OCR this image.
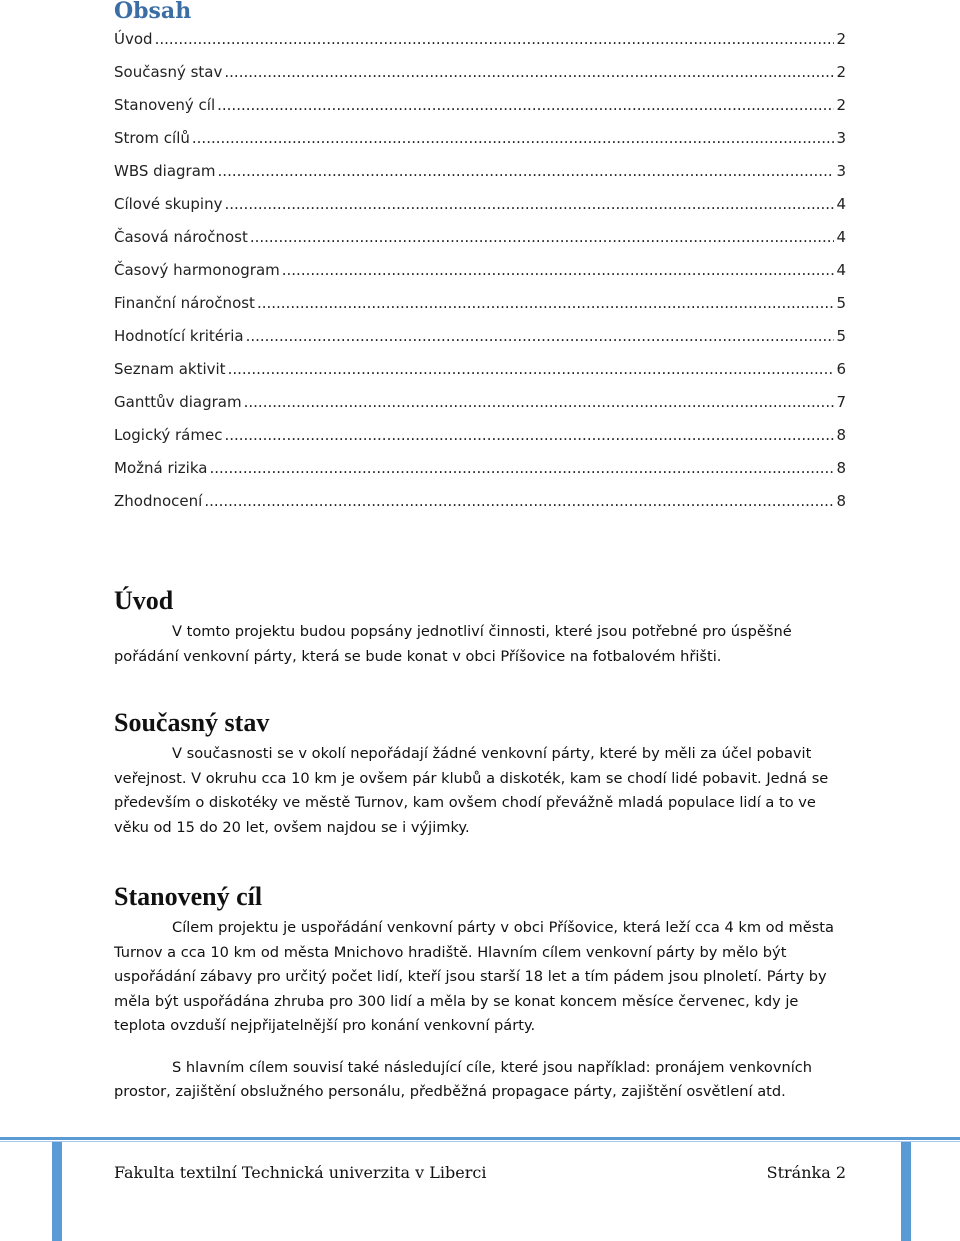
Obsah
Úvod .....	2
Současný stav .....	2
Stanovený cíl .....	2
Strom cílů .....	3
WBS diagram .....	3
Cílové skupiny .....	4
Časová náročnost .....	4
Časový harmonogram .....	4
Finanční náročnost .....	5
Hodnotící kritéria .....	5
Seznam aktivit .....	6
Ganttův diagram .....	7
Logický rámec .....	8
Možná rizika .....	8
Zhodnocení .....	8
Úvod

V tomto projektu budou popsány jednotliví činnosti, které jsou potřebné pro úspěšné pořádání venkovní párty, která se bude konat v obci Příšovice na fotbalovém hřišti.

Současný stav

V současnosti se v okolí nepořádají žádné venkovní párty, které by měli za účel pobavit veřejnost. V okruhu cca 10 km je ovšem pár klubů a diskoték, kam se chodí lidé pobavit. Jedná se především o diskotéky ve městě Turnov, kam ovšem chodí převážně mladá populace lidí a to ve věku od 15 do 20 let, ovšem najdou se i výjimky.

Stanovený cíl

Cílem projektu je uspořádání venkovní párty v obci Příšovice, která leží cca 4 km od města Turnov a cca 10 km od města Mnichovo hradiště. Hlavním cílem venkovní párty by mělo být uspořádání zábavy pro určitý počet lidí, kteří jsou starší 18 let a tím pádem jsou plnoletí. Párty by měla být uspořádána zhruba pro 300 lidí a měla by se konat koncem měsíce červenec, kdy je teplota ovzduší nejpřijatelnější pro konání venkovní párty.

S hlavním cílem souvisí také následující cíle, které jsou například: pronájem venkovních prostor, zajištění obslužného personálu, předběžná propagace párty, zajištění osvětlení atd.

Fakulta textilní Technická univerzita v Liberci	Stránka 2
